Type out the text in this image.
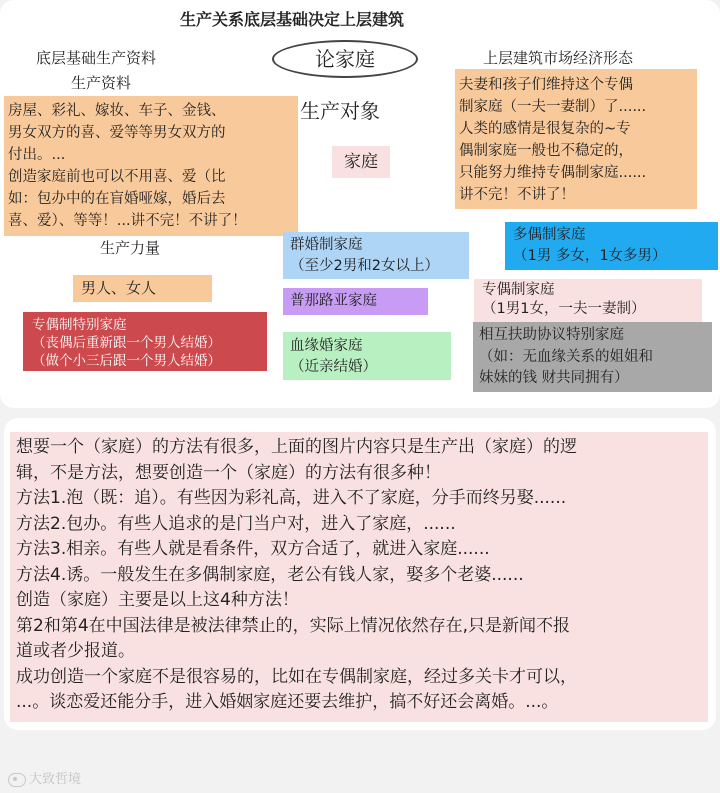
生产关系底层基础决定上层建筑
论家庭
底层基础生产资料	上层建筑市场经济形态
生产资料
房屋、彩礼、嫁妆、车子、金钱、
男女双方的喜、爱等等男女双方的
付出。...
创造家庭前也可以不用喜、爱（比
如：包办中的在盲婚哑嫁，婚后去
喜、爱）、等等！...讲不完！不讲了！
生产对象
家庭
生产力量
男人、女人
专偶制特别家庭
（丧偶后重新跟一个男人结婚）
（做个小三后跟一个男人结婚）
群婚制家庭
（至少2男和2女以上）
普那路亚家庭
血缘婚家庭
（近亲结婚）
夫妻和孩子们维持这个专偶
制家庭（一夫一妻制）了......
人类的感情是很复杂的~专
偶制家庭一般也不稳定的，
只能努力维持专偶制家庭......
讲不完！不讲了！
多偶制家庭
（1男 多女，1女多男）
专偶制家庭
（1男1女，一夫一妻制）
相互扶助协议特别家庭
（如：无血缘关系的姐姐和
妹妹的钱 财共同拥有）
想要一个（家庭）的方法有很多，上面的图片内容只是生产出（家庭）的逻
辑，不是方法，想要创造一个（家庭）的方法有很多种！
方法1.泡（既：追）。有些因为彩礼高，进入不了家庭，分手而终另娶......
方法2.包办。有些人追求的是门当户对，进入了家庭，......
方法3.相亲。有些人就是看条件，双方合适了，就进入家庭......
方法4.诱。一般发生在多偶制家庭，老公有钱人家，娶多个老婆......
创造（家庭）主要是以上这4种方法！
第2和第4在中国法律是被法律禁止的，实际上情况依然存在,只是新闻不报
道或者少报道。
成功创造一个家庭不是很容易的，比如在专偶制家庭，经过多关卡才可以，
...。谈恋爱还能分手，进入婚姻家庭还要去维护，搞不好还会离婚。...。
大致哲境
